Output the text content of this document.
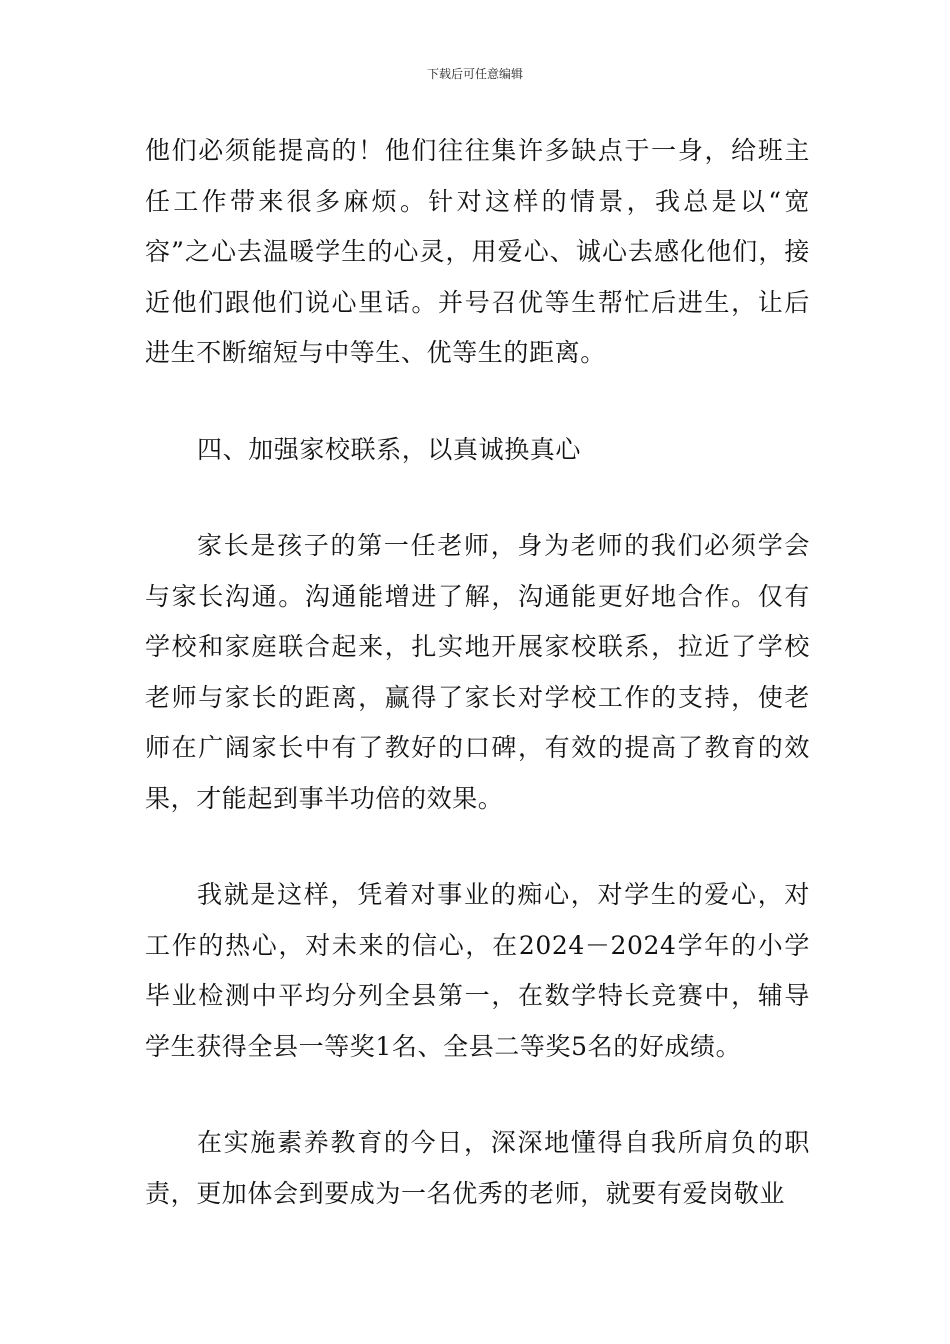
下载后可任意编辑

他们必须能提高的！他们往往集许多缺点于一身，给班主任工作带来很多麻烦。针对这样的情景，我总是以“宽容”之心去温暖学生的心灵，用爱心、诚心去感化他们，接近他们跟他们说心里话。并号召优等生帮忙后进生，让后进生不断缩短与中等生、优等生的距离。

四、加强家校联系，以真诚换真心

家长是孩子的第一任老师，身为老师的我们必须学会与家长沟通。沟通能增进了解，沟通能更好地合作。仅有学校和家庭联合起来，扎实地开展家校联系，拉近了学校老师与家长的距离，赢得了家长对学校工作的支持，使老师在广阔家长中有了教好的口碑，有效的提高了教育的效果，才能起到事半功倍的效果。

我就是这样，凭着对事业的痴心，对学生的爱心，对工作的热心，对未来的信心，在2024－2024学年的小学毕业检测中平均分列全县第一，在数学特长竞赛中，辅导学生获得全县一等奖1名、全县二等奖5名的好成绩。

在实施素养教育的今日，深深地懂得自我所肩负的职责，更加体会到要成为一名优秀的老师，就要有爱岗敬业
